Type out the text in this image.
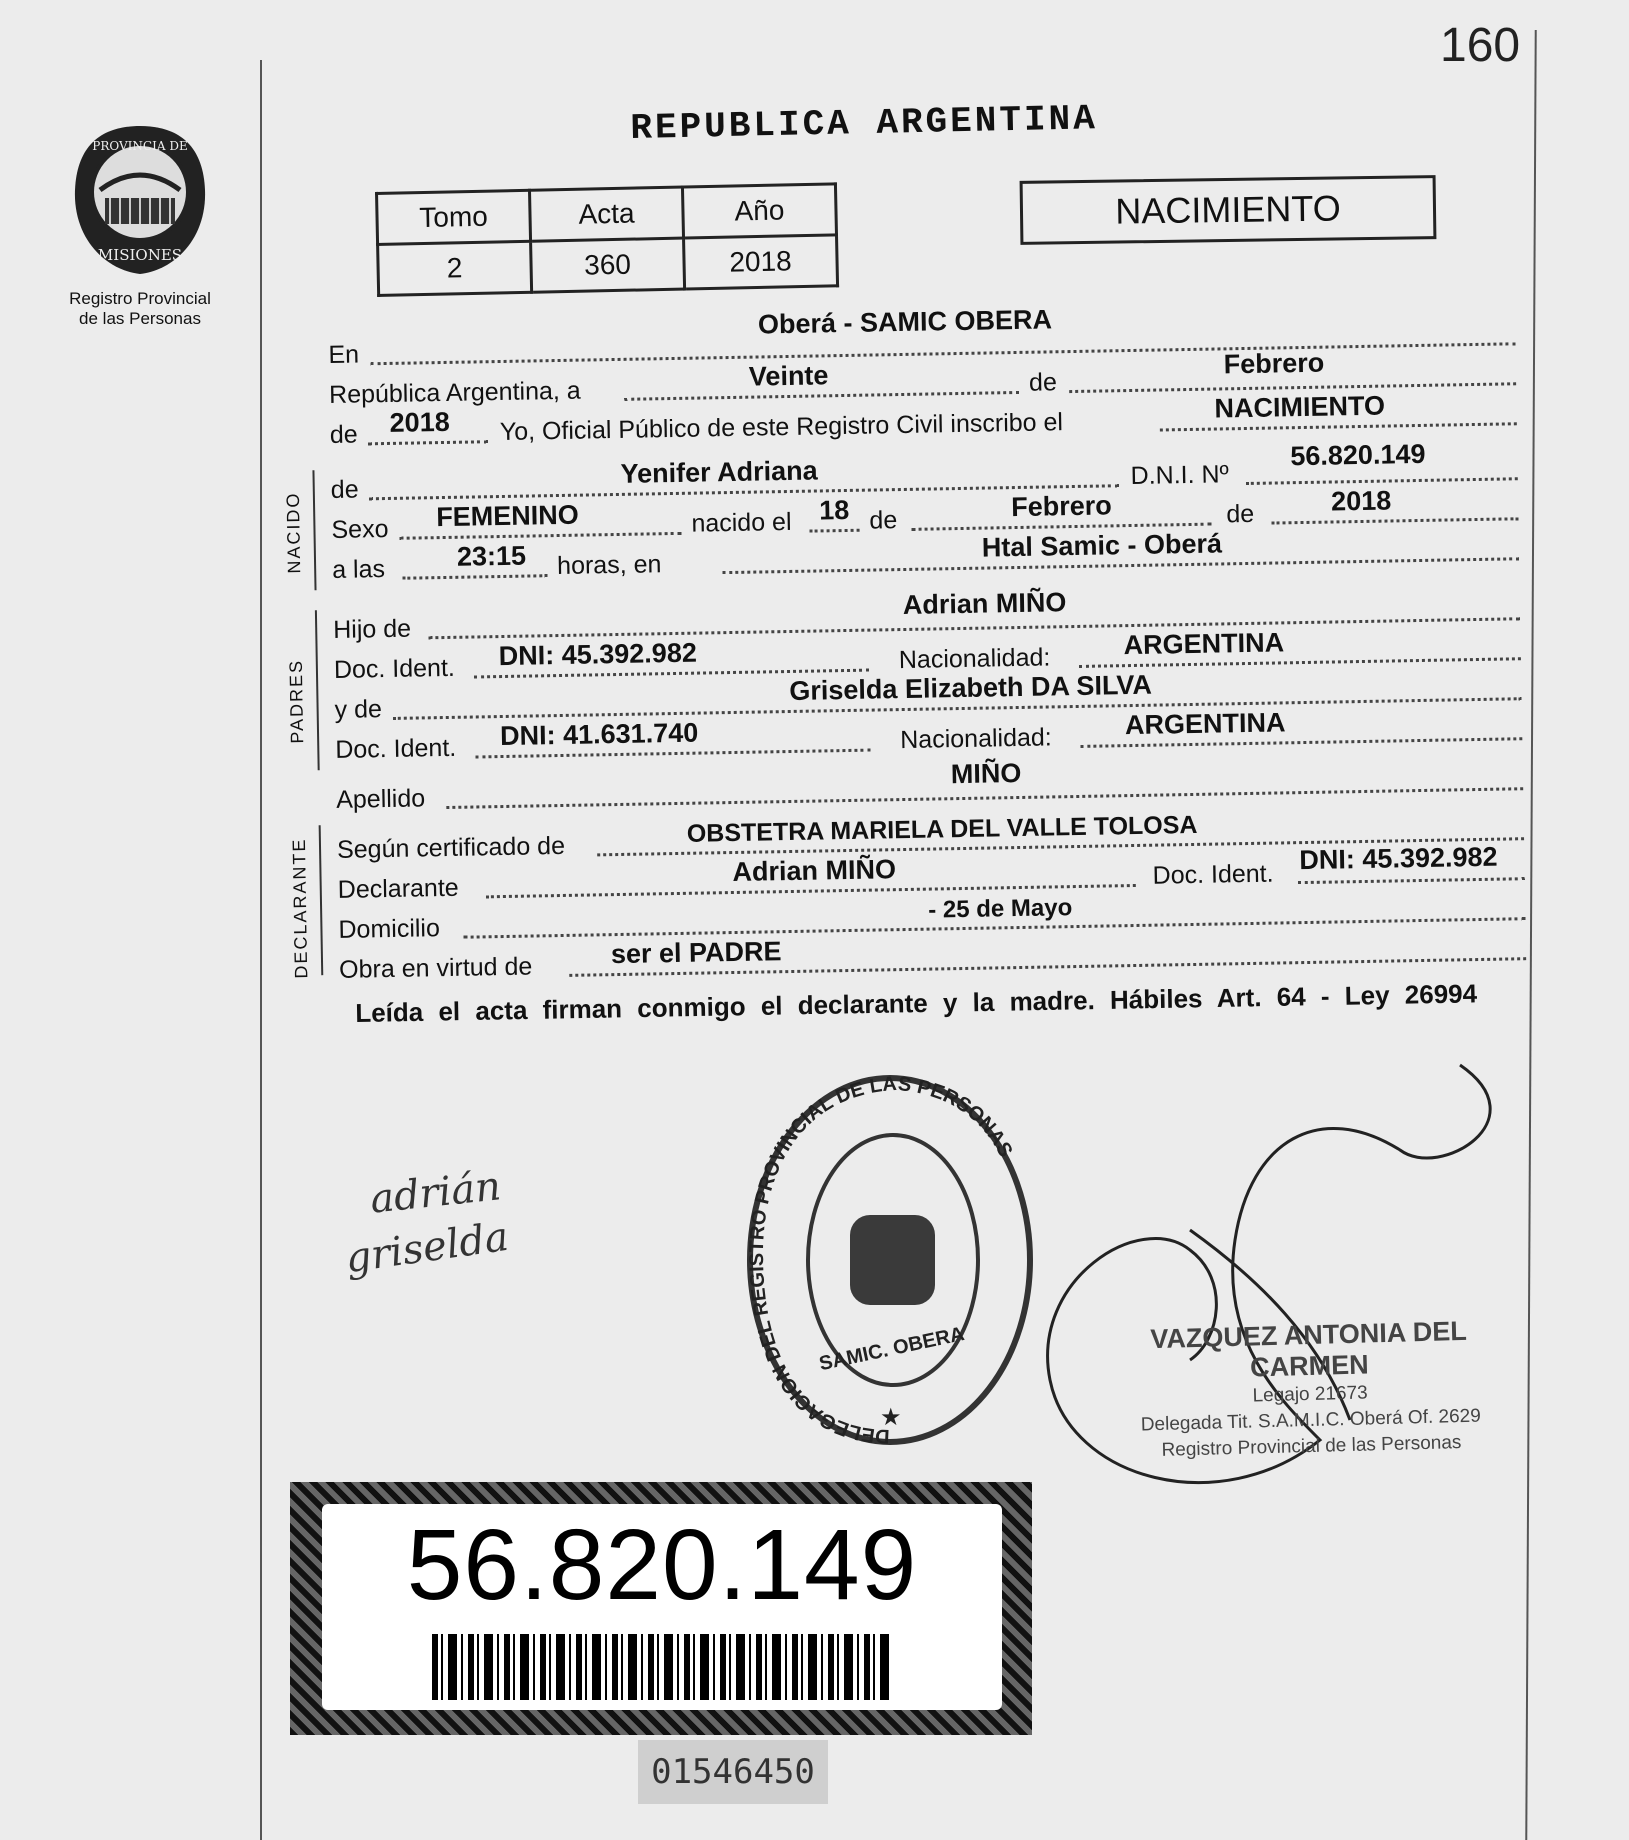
160
PROVINCIA DE
MISIONES
Registro Provincial
de las Personas
REPUBLICA ARGENTINA
Tomo	Acta	Año
2	360	2018
NACIMIENTO
En
Oberá - SAMIC OBERA
República Argentina, a
Veinte	de
Febrero
de 2018 Yo, Oficial Público de este Registro Civil inscribo el
NACIMIENTO
NACIDO
de
Yenifer Adriana	D.N.I. Nº
56.820.149
Sexo FEMENINO	nacido el 18 de	Febrero	de	2018
a las	23:15 horas, en
Htal Samic - Oberá
PADRES
Hijo de
Adrian MIÑO
Doc. Ident. DNI: 45.392.982	Nacionalidad:	ARGENTINA
y de
Griselda Elizabeth DA SILVA
Doc. Ident. DNI: 41.631.740	Nacionalidad:	ARGENTINA
Apellido
MIÑO
DECLARANTE Según certificado de
OBSTETRA MARIELA DEL VALLE TOLOSA
Declarante
Adrian MIÑO	Doc. Ident. DNI: 45.392.982
Domicilio
- 25 de Mayo
Obra en virtud de	ser el PADRE
Leída el acta firman conmigo el declarante y la madre. Hábiles Art. 64 - Ley 26994
adrián
griselda
DELEGACION DEL REGISTRO PROVINCIAL DE LAS PERSONAS
SAMIC. OBERA
★
VAZQUEZ ANTONIA DEL CARMEN
Legajo 21673
Delegada Tit. S.A.M.I.C. Oberá Of. 2629
Registro Provincial de las Personas
56.820.149
01546450
